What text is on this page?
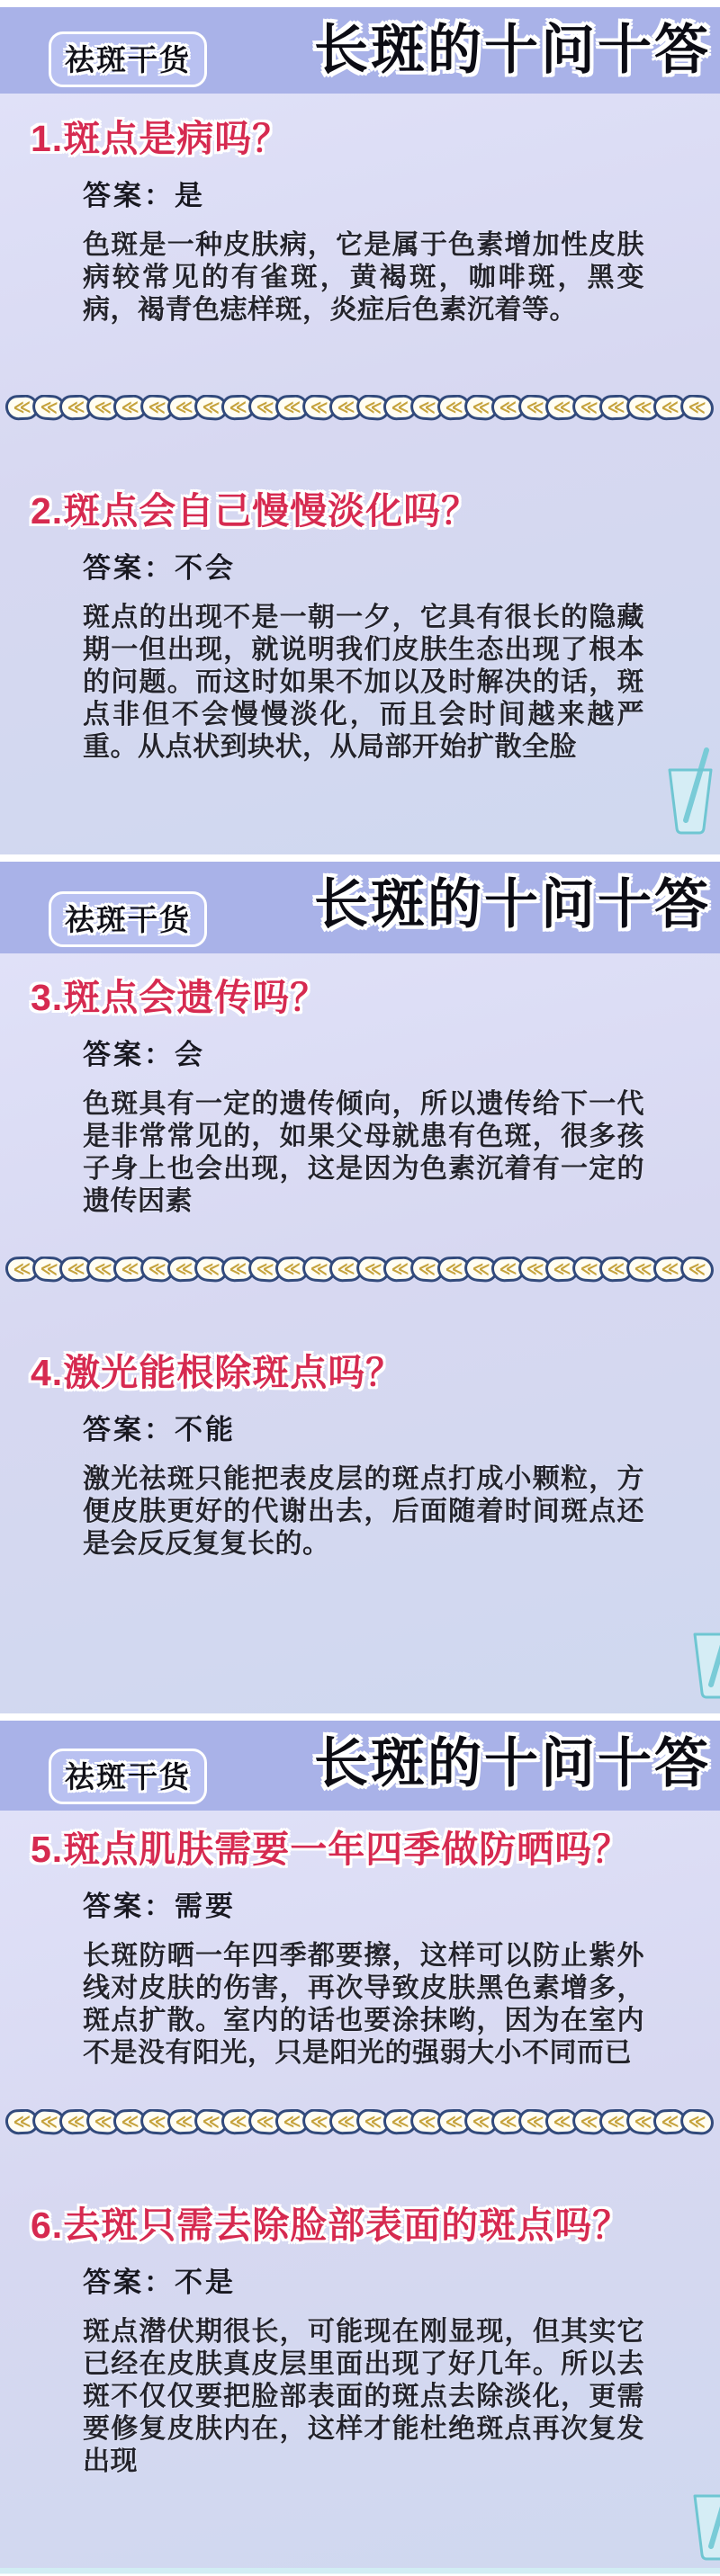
祛斑干货	长斑的十问十答
1.斑点是病吗？
答案：是
色斑是一种皮肤病，它是属于色素增加性皮肤病较常见的有雀斑，黄褐斑，咖啡斑，黑变病，褐青色痣样斑，炎症后色素沉着等。
≪ ≪ ≪ ≪ ≪ ≪ ≪ ≪ ≪ ≪ ≪ ≪ ≪ ≪ ≪ ≪ ≪ ≪ ≪ ≪ ≪ ≪ ≪ ≪ ≪ ≪
2.斑点会自己慢慢淡化吗？
答案：不会
斑点的出现不是一朝一夕，它具有很长的隐藏期一但出现，就说明我们皮肤生态出现了根本的问题。而这时如果不加以及时解决的话，斑点非但不会慢慢淡化，而且会时间越来越严重。从点状到块状，从局部开始扩散全脸
祛斑干货	长斑的十问十答
3.斑点会遗传吗？
答案：会
色斑具有一定的遗传倾向，所以遗传给下一代是非常常见的，如果父母就患有色斑，很多孩子身上也会出现，这是因为色素沉着有一定的遗传因素
≪ ≪ ≪ ≪ ≪ ≪ ≪ ≪ ≪ ≪ ≪ ≪ ≪ ≪ ≪ ≪ ≪ ≪ ≪ ≪ ≪ ≪ ≪ ≪ ≪ ≪
4.激光能根除斑点吗？
答案：不能
激光祛斑只能把表皮层的斑点打成小颗粒，方便皮肤更好的代谢出去，后面随着时间斑点还是会反反复复长的。
祛斑干货	长斑的十问十答
5.斑点肌肤需要一年四季做防晒吗？
答案：需要
长斑防晒一年四季都要擦，这样可以防止紫外线对皮肤的伤害，再次导致皮肤黑色素增多，斑点扩散。室内的话也要涂抹哟，因为在室内不是没有阳光，只是阳光的强弱大小不同而已
≪ ≪ ≪ ≪ ≪ ≪ ≪ ≪ ≪ ≪ ≪ ≪ ≪ ≪ ≪ ≪ ≪ ≪ ≪ ≪ ≪ ≪ ≪ ≪ ≪ ≪
6.去斑只需去除脸部表面的斑点吗？
答案：不是
斑点潜伏期很长，可能现在刚显现，但其实它已经在皮肤真皮层里面出现了好几年。所以去斑不仅仅要把脸部表面的斑点去除淡化，更需要修复皮肤内在，这样才能杜绝斑点再次复发出现
